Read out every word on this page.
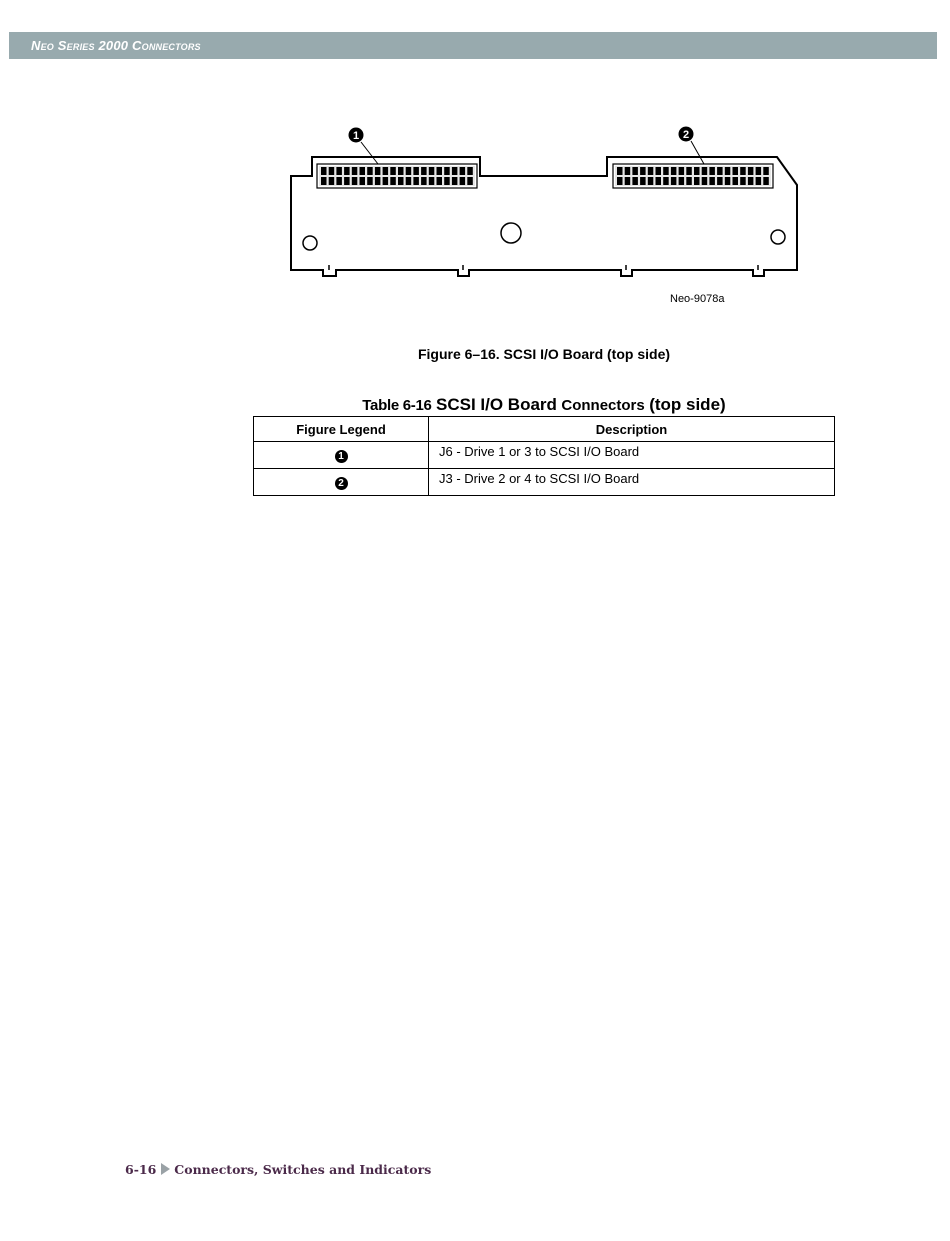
Neo Series 2000 Connectors
1	2
Neo-9078a
Figure 6–16. SCSI I/O Board (top side)
Table 6-16 SCSI I/O Board Connectors (top side)
Figure Legend	Description
1	J6 - Drive 1 or 3 to SCSI I/O Board
2	J3 - Drive 2 or 4 to SCSI I/O Board
6-16 Connectors, Switches and Indicators
